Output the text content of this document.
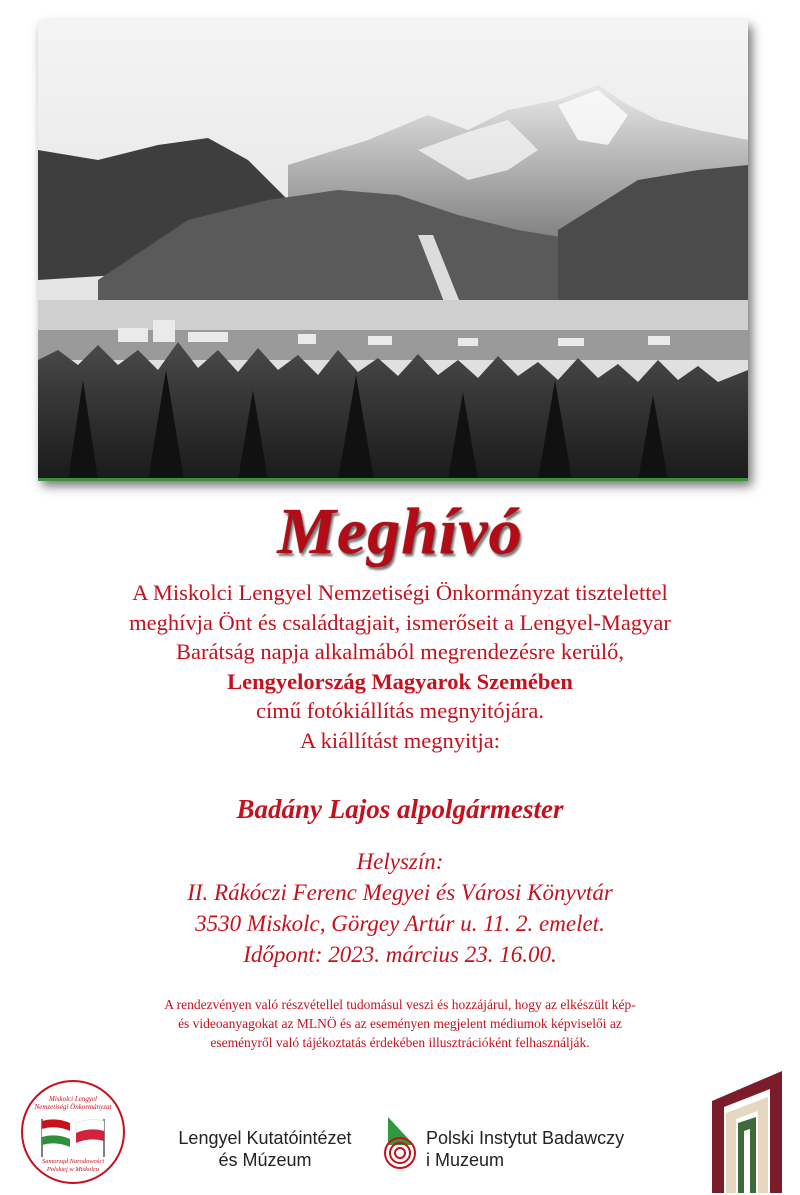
Meghívó
A Miskolci Lengyel Nemzetiségi Önkormányzat tisztelettel
meghívja Önt és családtagjait, ismerőseit a Lengyel-Magyar
Barátság napja alkalmából megrendezésre kerülő,
Lengyelország Magyarok Szemében
című fotókiállítás megnyitójára.
A kiállítást megnyitja:
Badány Lajos alpolgármester
Helyszín:
II. Rákóczi Ferenc Megyei és Városi Könyvtár
3530 Miskolc, Görgey Artúr u. 11. 2. emelet.
Időpont: 2023. március 23. 16.00.
A rendezvényen való részvétellel tudomásul veszi és hozzájárul, hogy az elkészült kép-
és videoanyagokat az MLNÖ és az eseményen megjelent médiumok képviselői az
eseményről való tájékoztatás érdekében illusztrációként felhasználják.
Miskolci Lengyel
Nemzetiségi Önkormányzat
Samorząd Narodowości
Polskiej w Miskolcu
Lengyel Kutatóintézet
és Múzeum
Polski Instytut Badawczy
i Muzeum
